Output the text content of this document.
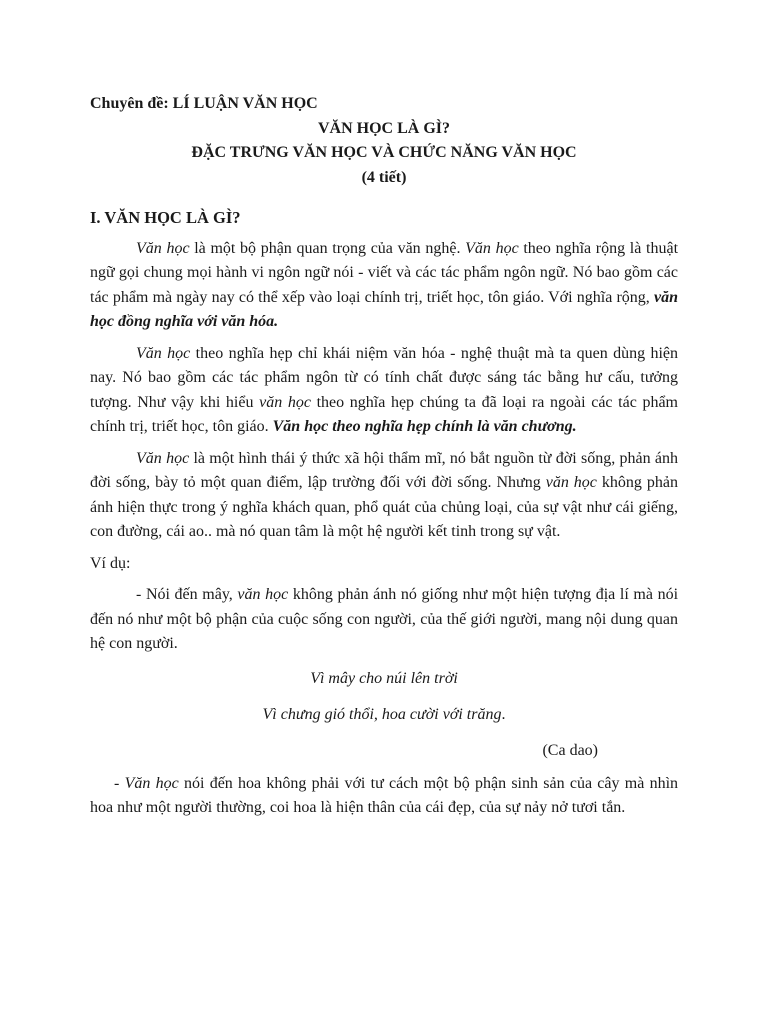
Chuyên đề: LÍ LUẬN VĂN HỌC

VĂN HỌC LÀ GÌ?

ĐẶC TRƯNG VĂN HỌC VÀ CHỨC NĂNG VĂN HỌC

(4 tiết)

I. VĂN HỌC LÀ GÌ?

Văn học là một bộ phận quan trọng của văn nghệ. Văn học theo nghĩa rộng là thuật ngữ gọi chung mọi hành vi ngôn ngữ nói - viết và các tác phẩm ngôn ngữ. Nó bao gồm các tác phẩm mà ngày nay có thể xếp vào loại chính trị, triết học, tôn giáo. Với nghĩa rộng, văn học đồng nghĩa với văn hóa.

Văn học theo nghĩa hẹp chỉ khái niệm văn hóa - nghệ thuật mà ta quen dùng hiện nay. Nó bao gồm các tác phẩm ngôn từ có tính chất được sáng tác bằng hư cấu, tưởng tượng. Như vậy khi hiểu văn học theo nghĩa hẹp chúng ta đã loại ra ngoài các tác phẩm chính trị, triết học, tôn giáo. Văn học theo nghĩa hẹp chính là văn chương.

Văn học là một hình thái ý thức xã hội thẩm mĩ, nó bắt nguồn từ đời sống, phản ánh đời sống, bày tỏ một quan điểm, lập trường đối với đời sống. Nhưng văn học không phản ánh hiện thực trong ý nghĩa khách quan, phổ quát của chủng loại, của sự vật như cái giếng, con đường, cái ao.. mà nó quan tâm là một hệ người kết tinh trong sự vật.

Ví dụ:

- Nói đến mây, văn học không phản ánh nó giống như một hiện tượng địa lí mà nói đến nó như một bộ phận của cuộc sống con người, của thế giới người, mang nội dung quan hệ con người.

Vì mây cho núi lên trời

Vì chưng gió thổi, hoa cười với trăng.

(Ca dao)

- Văn học nói đến hoa không phải với tư cách một bộ phận sinh sản của cây mà nhìn hoa như một người thường, coi hoa là hiện thân của cái đẹp, của sự nảy nở tươi tắn.
